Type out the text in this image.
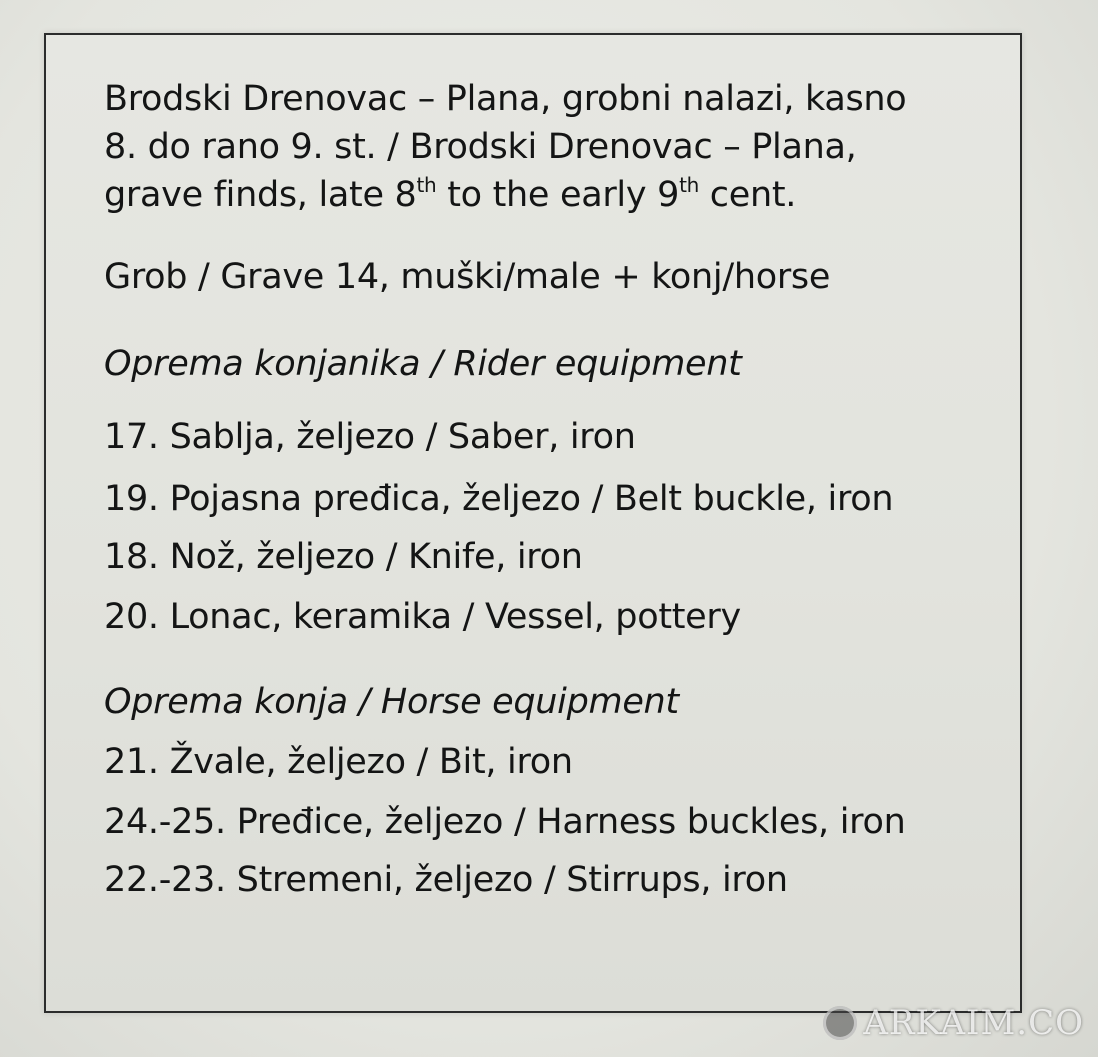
Brodski Drenovac – Plana, grobni nalazi, kasno

8. do rano 9. st. / Brodski Drenovac – Plana,

grave finds, late 8th to the early 9th cent.

Grob / Grave 14, muški/male + konj/horse

Oprema konjanika / Rider equipment

17. Sablja, željezo / Saber, iron

19. Pojasna pređica, željezo / Belt buckle, iron

18. Nož, željezo / Knife, iron

20. Lonac, keramika / Vessel, pottery

Oprema konja / Horse equipment

21. Žvale, željezo / Bit, iron

24.-25. Pređice, željezo / Harness buckles, iron

22.-23. Stremeni, željezo / Stirrups, iron

ARKAIM.CO
